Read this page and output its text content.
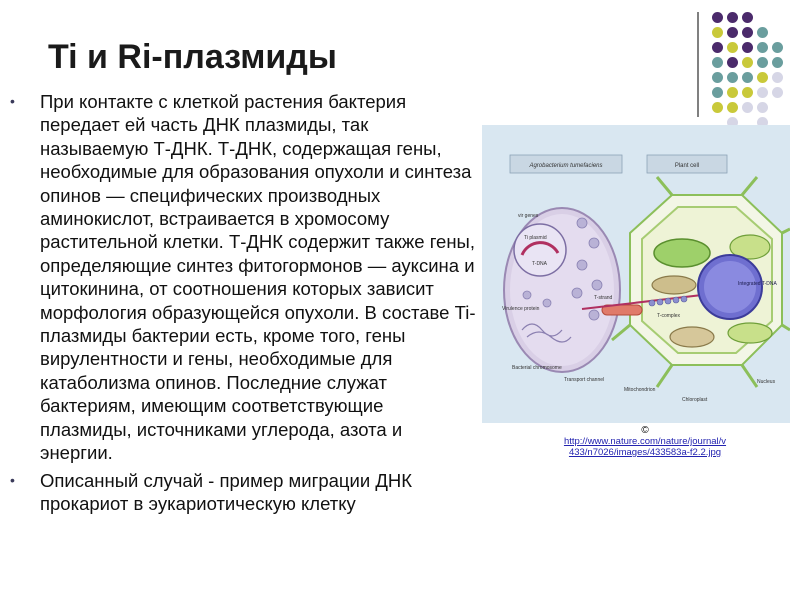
Ti и Ri-плазмиды
• При контакте с клеткой растения бактерия передает ей часть ДНК плазмиды, так называемую Т-ДНК. Т-ДНК, содержащая гены, необходимые для образования опухоли и синтеза опинов — специфических производных аминокислот, встраивается в хромосому растительной клетки. Т-ДНК содержит также гены, определяющие синтез фитогормонов — ауксина и цитокинина, от соотношения которых зависит морфология образующейся опухоли. В составе Ti-плазмиды бактерии есть, кроме того, гены вирулентности и гены, необходимые для катаболизма опинов. Последние служат бактериям, имеющим соответствующие плазмиды, источниками углерода, азота и энергии.
• Описанный случай - пример миграции ДНК прокариот в эукариотическую клетку
Agrobacterium tumefaciens	Plant cell
vir genes
Ti plasmid
T-DNA
Virulence protein
T-strand
T-complex
Integrated T-DNA
Bacterial chromosome
Transport channel
Mitochondrion
Chloroplast
Nucleus
©
http://www.nature.com/nature/journal/v
433/n7026/images/433583a-f2.2.jpg
